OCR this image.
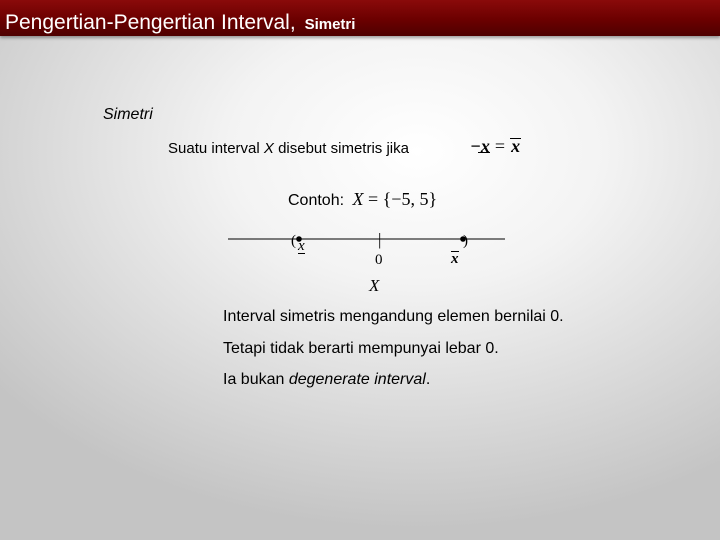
Pengertian-Pengertian Interval, Simetri
Simetri
Suatu interval X disebut simetris jika	−x = x
Contoh: X = {−5, 5}
(	)
|
x
0	x
X
Interval simetris mengandung elemen bernilai 0.
Tetapi tidak berarti mempunyai lebar 0.
Ia bukan degenerate interval.
